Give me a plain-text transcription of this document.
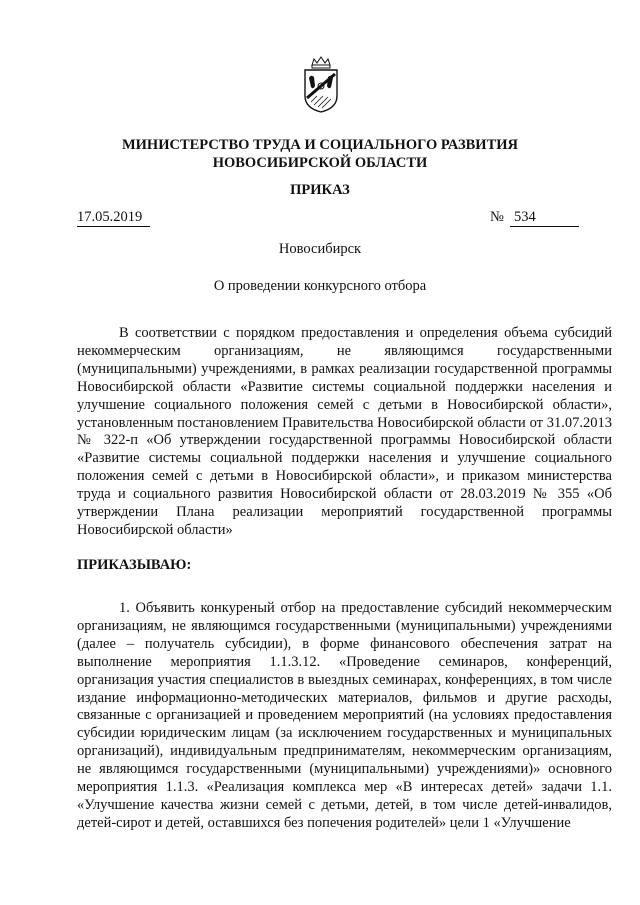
МИНИСТЕРСТВО ТРУДА И СОЦИАЛЬНОГО РАЗВИТИЯ
НОВОСИБИРСКОЙ ОБЛАСТИ
ПРИКАЗ
17.05.2019	№ 534
Новосибирск
О проведении конкурсного отбора

В соответствии с порядком предоставления и определения объема субсидий некоммерческим организациям, не являющимся государственными (муниципальными) учреждениями, в рамках реализации государственной программы Новосибирской области «Развитие системы социальной поддержки населения и улучшение социального положения семей с детьми в Новосибирской области», установленным постановлением Правительства Новосибирской области от 31.07.2013 № 322-п «Об утверждении государственной программы Новосибирской области «Развитие системы социальной поддержки населения и улучшение социального положения семей с детьми в Новосибирской области», и приказом министерства труда и социального развития Новосибирской области от 28.03.2019 № 355 «Об утверждении Плана реализации мероприятий государственной программы Новосибирской области»

ПРИКАЗЫВАЮ:

1. Объявить конкуреный отбор на предоставление субсидий некоммерческим организациям, не являющимся государственными (муниципальными) учреждениями (далее – получатель субсидии), в форме финансового обеспечения затрат на выполнение мероприятия 1.1.3.12. «Проведение семинаров, конференций, организация участия специалистов в выездных семинарах, конференциях, в том числе издание информационно-методических материалов, фильмов и другие расходы, связанные с организацией и проведением мероприятий (на условиях предоставления субсидии юридическим лицам (за исключением государственных и муниципальных организаций), индивидуальным предпринимателям, некоммерческим организациям, не являющимся государственными (муниципальными) учреждениями)» основного мероприятия 1.1.3. «Реализация комплекса мер «В интересах детей» задачи 1.1. «Улучшение качества жизни семей с детьми, детей, в том числе детей-инвалидов, детей-сирот и детей, оставшихся без попечения родителей» цели 1 «Улучшение
